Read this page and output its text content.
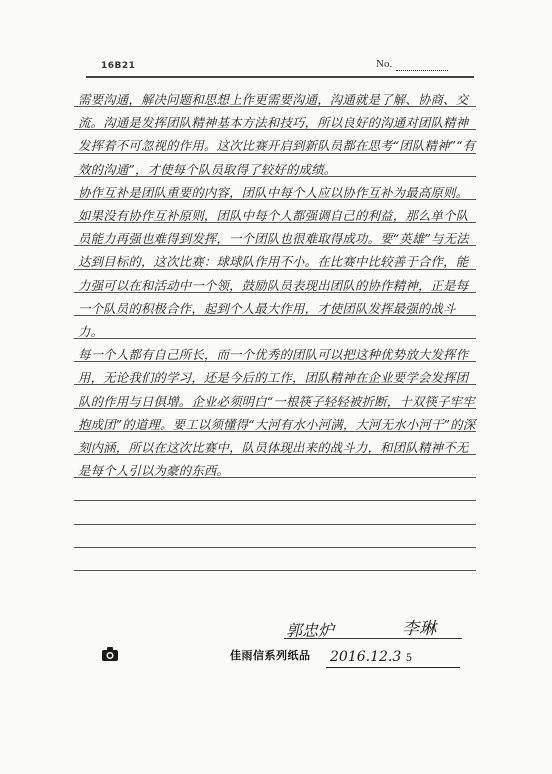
16B21	No.

需要沟通，解决问题和思想上作更需要沟通，沟通就是了解、协商、交流。沟通是发挥团队精神基本方法和技巧，所以良好的沟通对团队精神发挥着不可忽视的作用。这次比赛开启到新队员都在思考“团队精神”“有效的沟通”，才使每个队员取得了较好的成绩。

协作互补是团队重要的内容，团队中每个人应以协作互补为最高原则。如果没有协作互补原则，团队中每个人都强调自己的利益，那么单个队员能力再强也难得到发挥，一个团队也很难取得成功。要“英雄”与无法达到目标的，这次比赛：球球队作用不小。在比赛中比较善于合作，能力强可以在和活动中一个领，鼓励队员表现出团队的协作精神，正是每一个队员的积极合作，起到个人最大作用，才使团队发挥最强的战斗力。

每一个人都有自己所长，而一个优秀的团队可以把这种优势放大发挥作用，无论我们的学习，还是今后的工作，团队精神在企业要学会发挥团队的作用与日俱增。企业必须明白“一根筷子轻轻被折断，十双筷子牢牢抱成团”的道理。要工以须懂得“大河有水小河满，大河无水小河干”的深刻内涵，所以在这次比赛中，队员体现出来的战斗力，和团队精神不无是每个人引以为豪的东西。

郭忠炉	李琳
佳雨信系列纸品 2016.12.3 5
